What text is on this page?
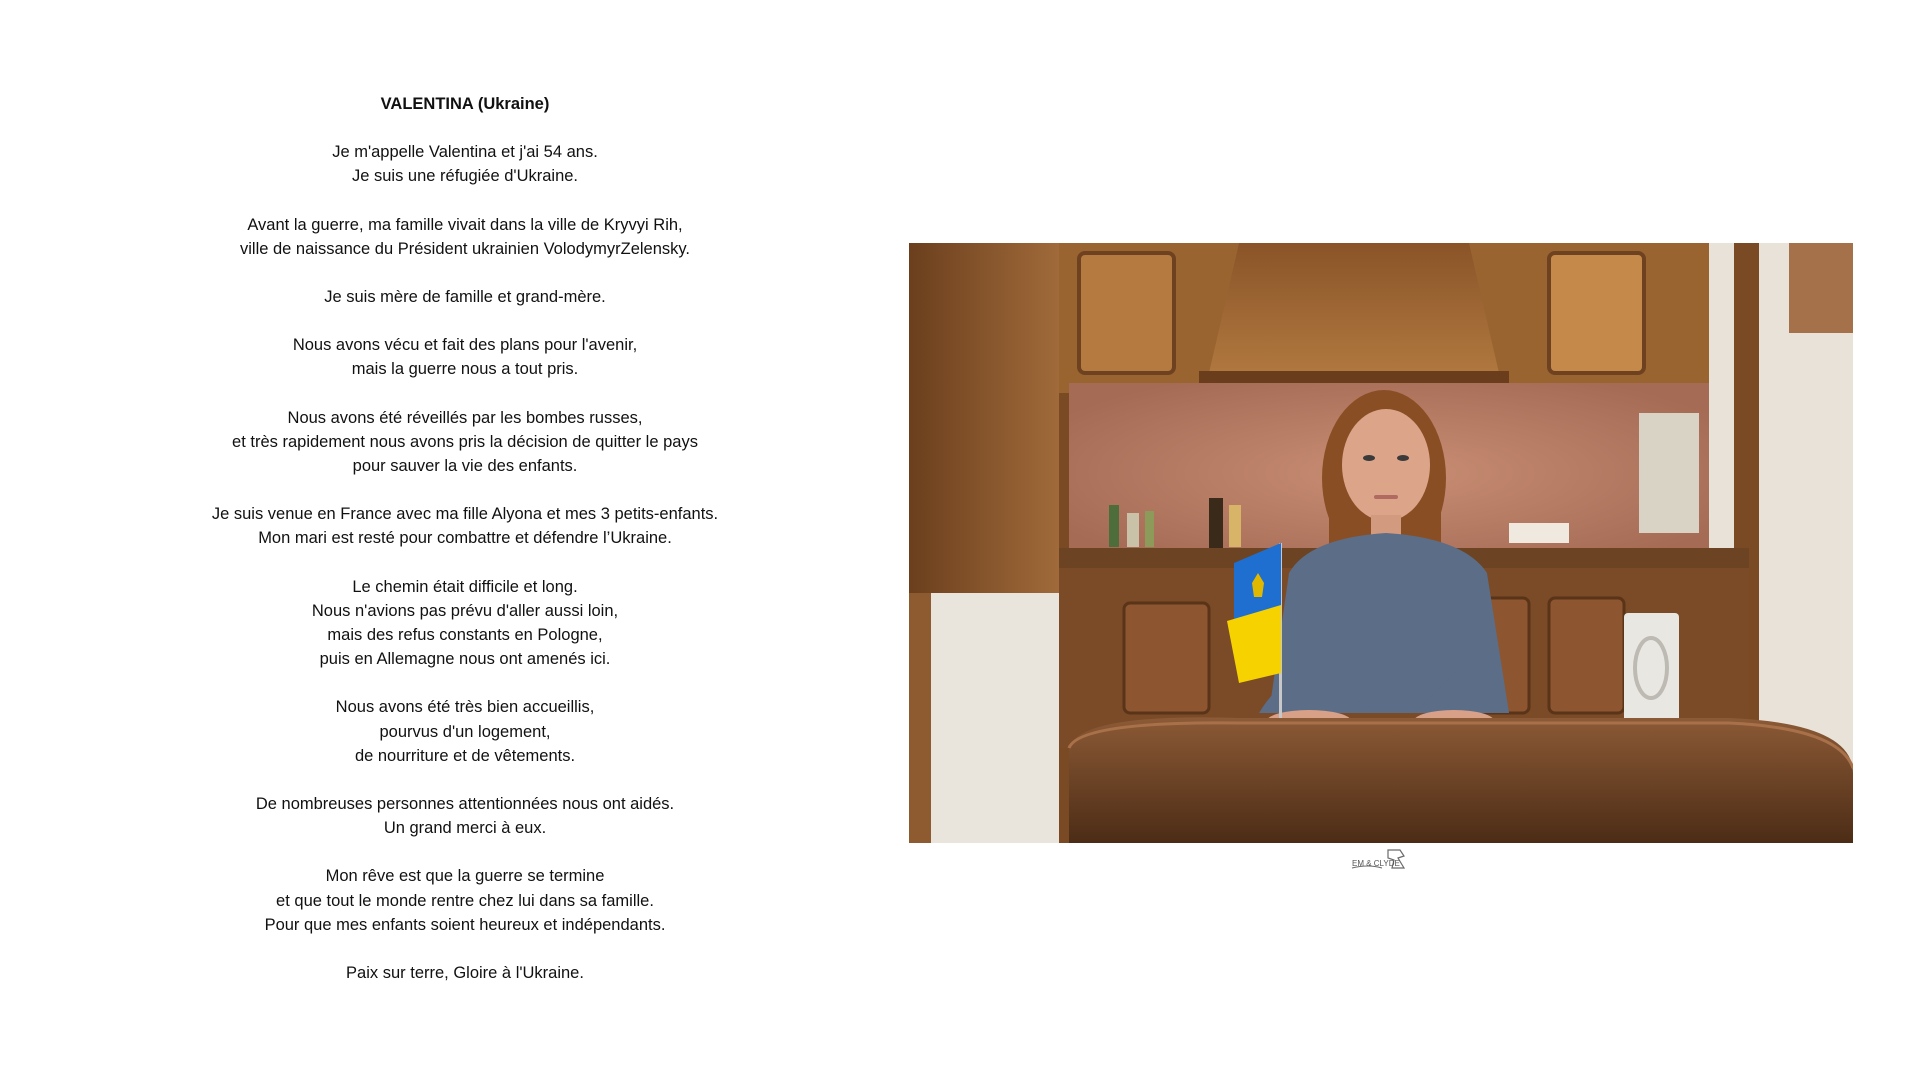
VALENTINA (Ukraine)
Je m'appelle Valentina et j'ai 54 ans.
Je suis une réfugiée d'Ukraine.
Avant la guerre, ma famille vivait dans la ville de Kryvyi Rih,
ville de naissance du Président ukrainien VolodymyrZelensky.
Je suis mère de famille et grand-mère.
Nous avons vécu et fait des plans pour l'avenir,
mais la guerre nous a tout pris.
Nous avons été réveillés par les bombes russes,
et très rapidement nous avons pris la décision de quitter le pays
pour sauver la vie des enfants.
Je suis venue en France avec ma fille Alyona et mes 3 petits-enfants.
Mon mari est resté pour combattre et défendre l’Ukraine.
Le chemin était difficile et long.
Nous n'avions pas prévu d'aller aussi loin,
mais des refus constants en Pologne,
puis en Allemagne nous ont amenés ici.
Nous avons été très bien accueillis,
pourvus d'un logement,
de nourriture et de vêtements.
De nombreuses personnes attentionnées nous ont aidés.
Un grand merci à eux.
Mon rêve est que la guerre se termine
et que tout le monde rentre chez lui dans sa famille.
Pour que mes enfants soient heureux et indépendants.
Paix sur terre, Gloire à l'Ukraine.
EM & CLYDE
